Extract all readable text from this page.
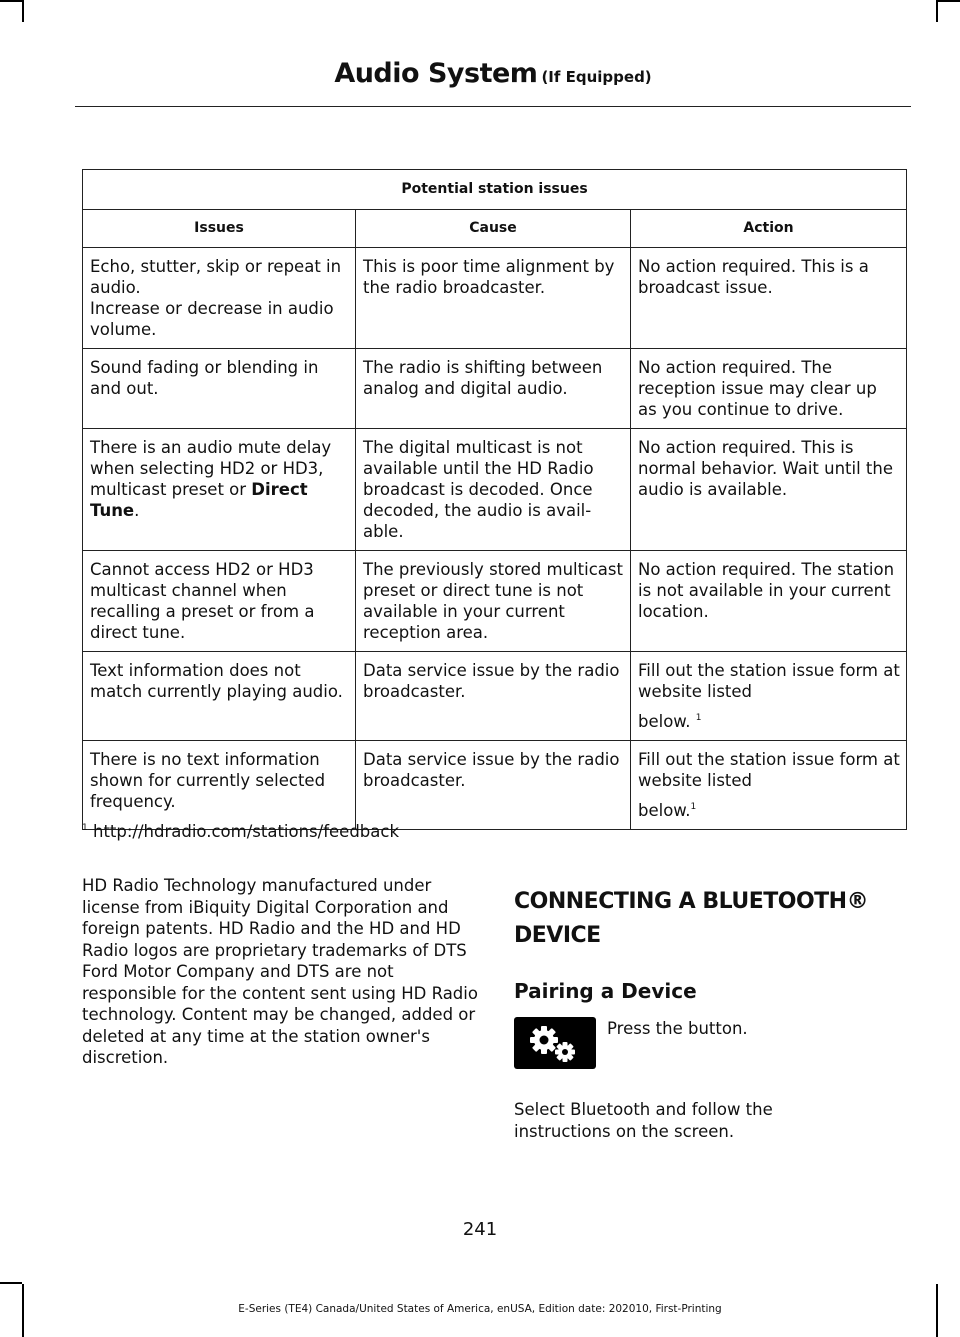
Audio System (If Equipped)
Potential station issues		
Issues	Cause	Action

Echo, stutter, skip or repeat in audio.
Increase or decrease in audio volume.	This is poor time alignment by the radio broadcaster.	No action required. This is a broadcast issue.
Sound fading or blending in and out.	The radio is shifting between analog and digital audio.	No action required. The reception issue may clear up as you continue to drive.
There is an audio mute delay when selecting HD2 or HD3, multicast preset or Direct Tune.	The digital multicast is not available until the HD Radio broadcast is decoded. Once decoded, the audio is avail-able.	No action required. This is normal behavior. Wait until the audio is available.
Cannot access HD2 or HD3 multicast channel when recalling a preset or from a direct tune.	The previously stored multicast preset or direct tune is not available in your current reception area.	No action required. The station is not available in your current location.
Text information does not match currently playing audio.	Data service issue by the radio broadcaster.	Fill out the station issue form at website listed
below. $^1$

There is no text information shown for currently selected frequency.	Data service issue by the radio broadcaster.	Fill out the station issue form at website listed
below.$^1$
$^1$ http://hdradio.com/stations/feedback
HD Radio Technology manufactured under license from iBiquity Digital Corporation and foreign patents. HD Radio and the HD and HD Radio logos are proprietary trademarks of DTS Ford Motor Company and DTS are not responsible for the content sent using HD Radio technology. Content may be changed, added or deleted at any time at the station owner's discretion.
CONNECTING A BLUETOOTH® DEVICE
Pairing a Device
Press the button.
Select Bluetooth and follow the instructions on the screen.
241
E-Series (TE4) Canada/United States of America, enUSA, Edition date: 202010, First-Printing
